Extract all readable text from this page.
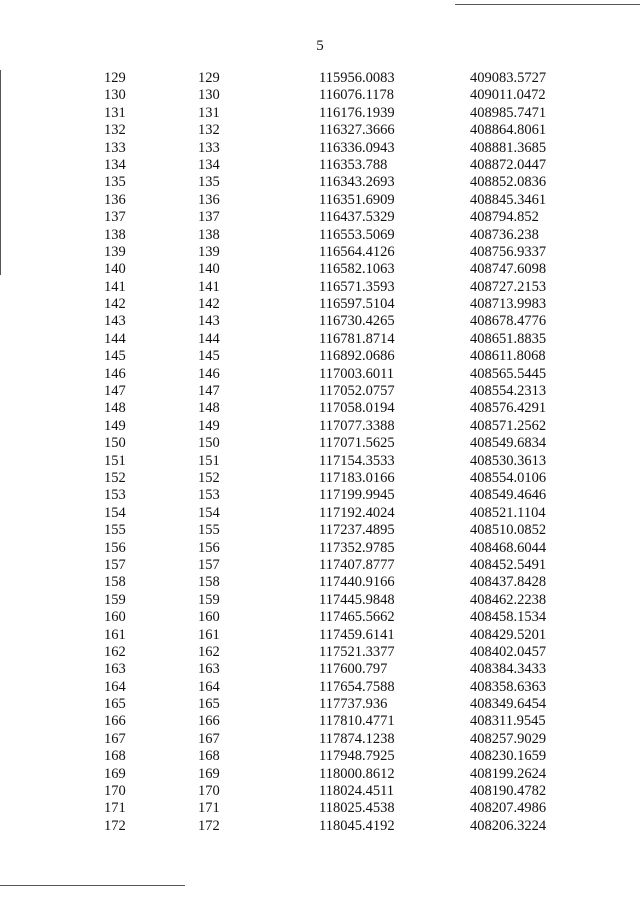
5
129	129	115956.0083	409083.5727
130	130	116076.1178	409011.0472
131	131	116176.1939	408985.7471
132	132	116327.3666	408864.8061
133	133	116336.0943	408881.3685
134	134	116353.788	408872.0447
135	135	116343.2693	408852.0836
136	136	116351.6909	408845.3461
137	137	116437.5329	408794.852
138	138	116553.5069	408736.238
139	139	116564.4126	408756.9337
140	140	116582.1063	408747.6098
141	141	116571.3593	408727.2153
142	142	116597.5104	408713.9983
143	143	116730.4265	408678.4776
144	144	116781.8714	408651.8835
145	145	116892.0686	408611.8068
146	146	117003.6011	408565.5445
147	147	117052.0757	408554.2313
148	148	117058.0194	408576.4291
149	149	117077.3388	408571.2562
150	150	117071.5625	408549.6834
151	151	117154.3533	408530.3613
152	152	117183.0166	408554.0106
153	153	117199.9945	408549.4646
154	154	117192.4024	408521.1104
155	155	117237.4895	408510.0852
156	156	117352.9785	408468.6044
157	157	117407.8777	408452.5491
158	158	117440.9166	408437.8428
159	159	117445.9848	408462.2238
160	160	117465.5662	408458.1534
161	161	117459.6141	408429.5201
162	162	117521.3377	408402.0457
163	163	117600.797	408384.3433
164	164	117654.7588	408358.6363
165	165	117737.936	408349.6454
166	166	117810.4771	408311.9545
167	167	117874.1238	408257.9029
168	168	117948.7925	408230.1659
169	169	118000.8612	408199.2624
170	170	118024.4511	408190.4782
171	171	118025.4538	408207.4986
172	172	118045.4192	408206.3224
